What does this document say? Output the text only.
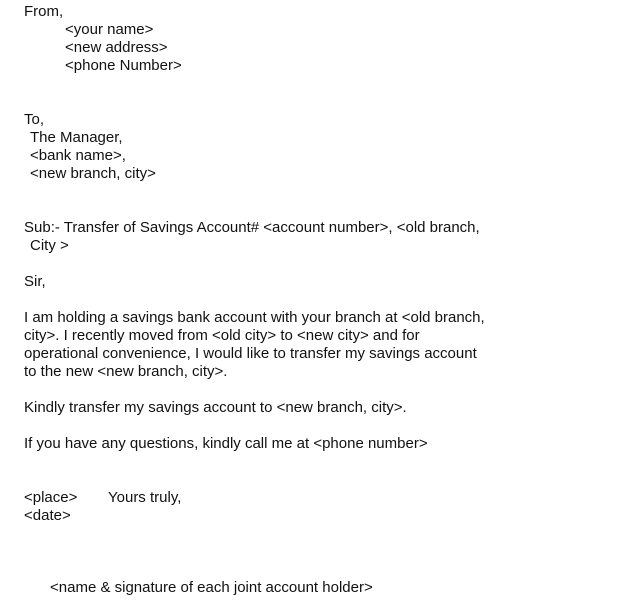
From,

<your name>

<new address>

<phone Number>

To,

The Manager,

<bank name>,

<new branch, city>

Sub:- Transfer of Savings Account# <account number>, <old branch,

City >

Sir,

I am holding a savings bank account with your branch at <old branch,

city>. I recently moved from <old city> to <new city> and for

operational convenience, I would like to transfer my savings account

to the new <new branch, city>.

Kindly transfer my savings account to <new branch, city>.

If you have any questions, kindly call me at <phone number>

<place> Yours truly,

<date>

<name & signature of each joint account holder>
